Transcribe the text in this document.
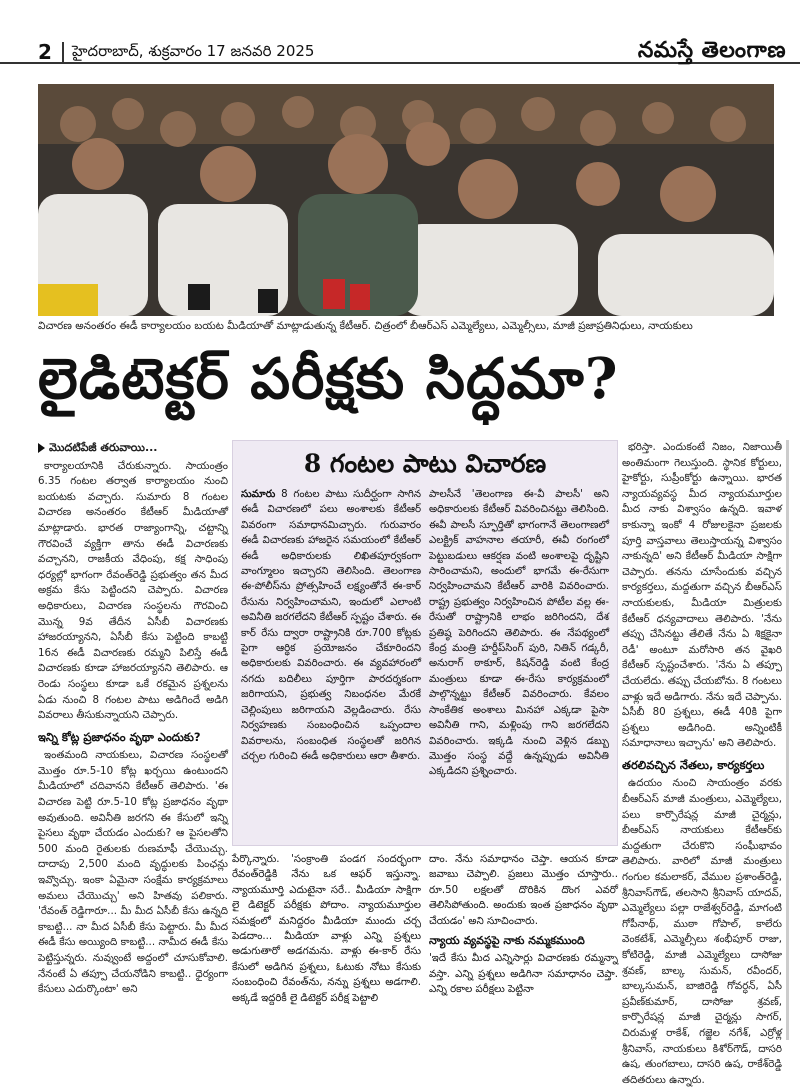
2 హైదరాబాద్, శుక్రవారం 17 జనవరి 2025	నమస్తే తెలంగాణ
విచారణ అనంతరం ఈడీ కార్యాలయం బయట మీడియాతో మాట్లాడుతున్న కేటీఆర్. చిత్రంలో బీఆర్‌ఎస్ ఎమ్మెల్యేలు, ఎమ్మెల్సీలు, మాజీ ప్రజాప్రతినిధులు, నాయకులు
లైడిటెక్టర్ పరీక్షకు సిద్ధమా?
మొదటిపేజీ తరువాయి...

కార్యాలయానికి చేరుకున్నారు. సాయంత్రం 6.35 గంటల తర్వాత కార్యాలయం నుంచి బయటకు వచ్చారు. సుమారు 8 గంటల విచారణ అనంతరం కేటీఆర్ మీడియాతో మాట్లాడారు. భారత రాజ్యాంగాన్ని, చట్టాన్ని గౌరవించే వ్యక్తిగా తాను ఈడీ విచారణకు వచ్చానని, రాజకీయ వేధింపు, కక్ష సాధింపు ధర్యల్లో భాగంగా రేవంత్‌రెడ్డి ప్రభుత్వం తన మీద అక్రమ కేసు పెట్టిందని చెప్పారు. విచారణ అధికారులు, విచారణ సంస్థలను గౌరవించి మొన్న 9వ తేదీన ఏసీబీ విచారణకు హాజరయ్యానని, ఏసీబీ కేసు పెట్టింది కాబట్టి 16న ఈడీ విచారణకు రమ్మని పిలిస్తే ఈడీ విచారణకు కూడా హాజరయ్యానని తెలిపారు. ఆ రెండు సంస్థలు కూడా ఒకే రకమైన ప్రశ్నలను ఏడు నుంచి 8 గంటల పాటు అడిగిందే అడిగి వివరాలు తీసుకున్నాయని చెప్పారు.

ఇన్ని కోట్ల ప్రజాధనం వృథా ఎందుకు?

ఇంతమంది నాయకులు, విచారణ సంస్థలతో మొత్తం రూ.5-10 కోట్ల ఖర్చయి ఉంటుందని మీడియాలో చదివానని కేటీఆర్ తెలిపారు. 'ఈ విచారణ పెట్టి రూ.5-10 కోట్ల ప్రజాధనం వృథా అవుతుంది. అవినీతి జరగని ఈ కేసులో ఇన్ని పైసలు వృథా చేయడం ఎందుకు? ఆ పైసలతోని 500 మంది రైతులకు రుణమాఫీ చేయొచ్చు. దాదాపు 2,500 మంది వృద్ధులకు పింఛన్లు ఇవ్వొచ్చు. ఇంకా ఏమైనా సంక్షేమ కార్యక్రమాలు అమలు చేయొచ్చు' అని హితవు పలికారు. 'రేవంత్ రెడ్డిగారూ... మీ మీద ఏసీబీ కేసు ఉన్నది కాబట్టి... నా మీద ఏసీబీ కేసు పెట్టారు. మీ మీద ఈడీ కేసు అయ్యింది కాబట్టి... నామీద ఈడీ కేసు పెట్టిస్తున్నరు. నువ్వుంటే అద్దంలో చూసుకోవాలి. నేనంటే ఏ తప్పూ చేయనోడిని కాబట్టి.. ధైర్యంగా కేసులు ఎదుర్కొంటా' అని

8 గంటల పాటు విచారణ

సుమారు 8 గంటల పాటు సుదీర్ఘంగా సాగిన ఈడీ విచారణలో పలు అంశాలకు కేటీఆర్ వివరంగా సమాధానమిచ్చారు. గురువారం ఈడీ విచారణకు హాజరైన సమయంలో కేటీఆర్ ఈడీ అధికారులకు లిఖితపూర్వకంగా వాంగ్మూలం ఇచ్చారని తెలిసింది. తెలంగాణ ఈ-పోలీస్‌ను ప్రోత్సహించే లక్ష్యంతోనే ఈ-కార్ రేసును నిర్వహించామని, ఇందులో ఎలాంటి అవినీతి జరగలేదని కేటీఆర్ స్పష్టం చేశారు. ఈ కార్ రేసు ద్వారా రాష్ట్రానికి రూ.700 కోట్లకు పైగా ఆర్థిక ప్రయోజనం చేకూరిందని అధికారులకు వివరించారు. ఈ వ్యవహారంలో నగదు బదిలీలు పూర్తిగా పారదర్శకంగా జరిగాయని, ప్రభుత్వ నిబంధనల మేరకే చెల్లింపులు జరిగాయని వెల్లడించారు. రేసు నిర్వహణకు సంబంధించిన ఒప్పందాల వివరాలను, సంబంధిత సంస్థలతో జరిగిన చర్చల గురించి ఈడీ అధికారులు ఆరా తీశారు.

పాలసీనే 'తెలంగాణ ఈ-వీ పాలసీ' అని అధికారులకు కేటీఆర్ వివరించినట్టు తెలిసింది. ఈవీ పాలసీ స్ఫూర్తితో భాగంగానే తెలంగాణలో ఎలక్ట్రిక్ వాహనాల తయారీ, ఈవీ రంగంలో పెట్టుబడులు ఆకర్షణ వంటి అంశాలపై దృష్టిని సారించామని, అందులో భాగమే ఈ-రేసుగా నిర్వహించామని కేటీఆర్ వారికి వివరించారు. రాష్ట్ర ప్రభుత్వం నిర్వహించిన పోటీల వల్ల ఈ-రేసుతో రాష్ట్రానికి లాభం జరిగిందని, దేశ ప్రతిష్ఠ పెరిగిందని తెలిపారు. ఈ నేపథ్యంలో కేంద్ర మంత్రి హర్దీప్‌సింగ్ పురి, నితిన్ గడ్కరీ, అనురాగ్ ఠాకూర్, కిషన్‌రెడ్డి వంటి కేంద్ర మంత్రులు కూడా ఈ-రేసు కార్యక్రమంలో పాల్గొన్నట్టు కేటీఆర్ వివరించారు. కేవలం సాంకేతిక అంశాలు మినహా ఎక్కడా పైసా అవినీతి గాని, మళ్లింపు గాని జరగలేదని వివరించారు. ఇక్కడి నుంచి వెళ్లిన డబ్బు మొత్తం సంస్థ వద్దే ఉన్నప్పుడు అవినీతి ఎక్కడిదని ప్రశ్నించారు.

పేర్కొన్నారు. 'సంక్రాంతి పండగ సందర్భంగా రేవంత్‌రెడ్డికి నేను ఒక ఆఫర్ ఇస్తున్నా. న్యాయమూర్తి ఎదుటైనా సరే.. మీడియా సాక్షిగా లై డిటెక్టర్ పరీక్షకు పోదాం. న్యాయమూర్తుల సమక్షంలో మనిద్దరం మీడియా ముందు చర్చ పెడదాం... మీడియా వాళ్లు ఎన్ని ప్రశ్నలు అడుగుతారో అడగమను. వాళ్లు ఈ-కార్ రేసు కేసులో అడిగిన ప్రశ్నలు, ఓటుకు నోటు కేసుకు సంబంధించి రేవంత్‌ను, నన్ను ప్రశ్నలు అడగాలి. అక్కడే ఇద్దరికీ లై డిటెక్టర్ పరీక్ష పెట్టాలి

దాం. నేను సమాధానం చెప్తా. ఆయన కూడా జవాబు చెప్పాలి. ప్రజలు మొత్తం చూస్తారు.. రూ.50 లక్షలతో దొరికిన దొంగ ఎవరో తెలిసిపోతుంది. అందుకు ఇంత ప్రజాధనం వృథా చేయడం' అని సూచించారు.

న్యాయ వ్యవస్థపై నాకు నమ్మకముంది

'ఇదే కేసు మీద ఎన్నిసార్లు విచారణకు రమ్మన్నా వస్తా. ఎన్ని ప్రశ్నలు అడిగినా సమాధానం చెప్తా. ఎన్ని రకాల పరీక్షలు పెట్టినా

భరిస్తా. ఎందుకంటే నిజం, నిజాయితీ అంతిమంగా గెలుస్తుంది. స్థానిక కోర్టులు, హైకోర్టు, సుప్రీంకోర్టు ఉన్నాయి. భారత న్యాయవ్యవస్థ మీద న్యాయమూర్తుల మీద నాకు విశ్వాసం ఉన్నది. ఇవాళ కాకున్నా ఇంకో 4 రోజులకైనా ప్రజలకు పూర్తి వాస్తవాలు తెలుస్తాయన్న విశ్వాసం నాకున్నది' అని కేటీఆర్ మీడియా సాక్షిగా చెప్పారు. తనను చూసేందుకు వచ్చిన కార్యకర్తలు, మద్దతుగా వచ్చిన బీఆర్‌ఎస్ నాయకులకు, మీడియా మిత్రులకు కేటీఆర్ ధన్యవాదాలు తెలిపారు. 'నేను తప్పు చేసినట్టు తేలితే నేను ఏ శిక్షకైనా రెడీ' అంటూ మరోసారి తన వైఖరి కేటీఆర్ స్పష్టంచేశారు. 'నేను ఏ తప్పూ చేయలేదు. తప్పు చేయబోను. 8 గంటలు వాళ్లు ఇదే అడిగారు. నేను ఇదే చెప్పాను. ఏసీబీ 80 ప్రశ్నలు, ఈడీ 40కి పైగా ప్రశ్నలు అడిగింది. అన్నింటికీ సమాధానాలు ఇచ్చాను' అని తెలిపారు.

తరలివచ్చిన నేతలు, కార్యకర్తలు

ఉదయం నుంచి సాయంత్రం వరకు బీఆర్‌ఎస్ మాజీ మంత్రులు, ఎమ్మెల్యేలు, పలు కార్పొరేషన్ల మాజీ చైర్మన్లు, బీఆర్‌ఎస్ నాయకులు కేటీఆర్‌కు మద్దతుగా చేరుకొని సంఘీభావం తెలిపారు. వారిలో మాజీ మంత్రులు గంగుల కమలాకర్, వేముల ప్రశాంత్‌రెడ్డి, శ్రీనివాస్‌గౌడ్, తలసాని శ్రీనివాస్ యాదవ్, ఎమ్మెల్యేలు పల్లా రాజేశ్వర్‌రెడ్డి, మాగంటి గోపీనాథ్, ముఠా గోపాల్, కాలేరు వెంకటేశ్, ఎమ్మెల్సీలు శంభీపూర్ రాజు, కోటిరెడ్డి, మాజీ ఎమ్మెల్యేలు దాసోజు శ్రవణ్, బాల్క సుమన్, రవీందర్, బాల్కసుమన్, బాజిరెడ్డి గోవర్ధన్, ఏసీ ప్రవీణ్‌కుమార్, దాసోజు శ్రవణ్, కార్పొరేషన్ల మాజీ చైర్మన్లు సాగర్, చిరుమళ్ల రాకేశ్, గజ్జెల నగేశ్, ఎర్రోళ్ల శ్రీనివాస్, నాయకులు కిశోర్‌గౌడ్, దాసరి ఉష, తుంగబాలు, దాసరి ఉష, రాకేశ్‌రెడ్డి తదితరులు ఉన్నారు.
